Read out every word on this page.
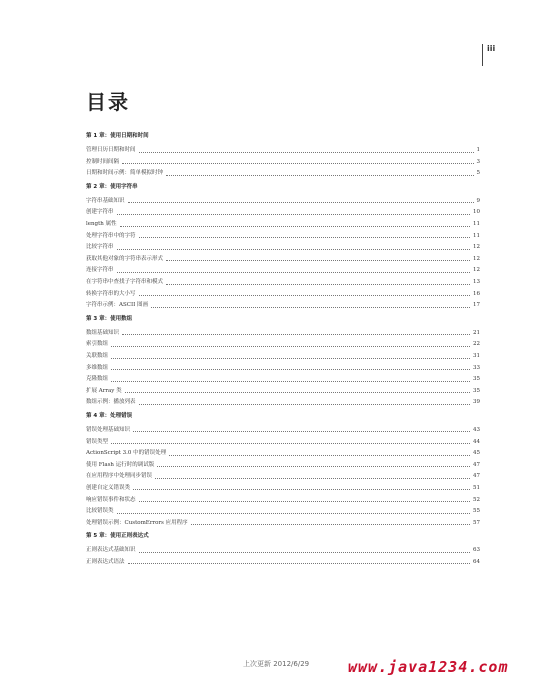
iii
目录
第 1 章：使用日期和时间
管理日历日期和时间	1
控制时间间隔	3
日期和时间示例：简单模拟时钟	5
第 2 章：使用字符串
字符串基础知识	9
创建字符串	10
length 属性	11
处理字符串中的字符	11
比较字符串	12
获取其他对象的字符串表示形式	12
连接字符串	12
在字符串中查找子字符串和模式	13
转换字符串的大小写	16
字符串示例：ASCII 图画	17
第 3 章：使用数组
数组基础知识	21
索引数组	22
关联数组	31
多维数组	33
克隆数组	35
扩展 Array 类	35
数组示例：播放列表	39
第 4 章：处理错误
错误处理基础知识	43
错误类型	44
ActionScript 3.0 中的错误处理	45
使用 Flash 运行时的调试版	47
在应用程序中处理同步错误	47
创建自定义错误类	51
响应错误事件和状态	52
比较错误类	55
处理错误示例：CustomErrors 应用程序	57
第 5 章：使用正则表达式
正则表达式基础知识	63
正则表达式语法	64
上次更新 2012/6/29	www.java1234.com
